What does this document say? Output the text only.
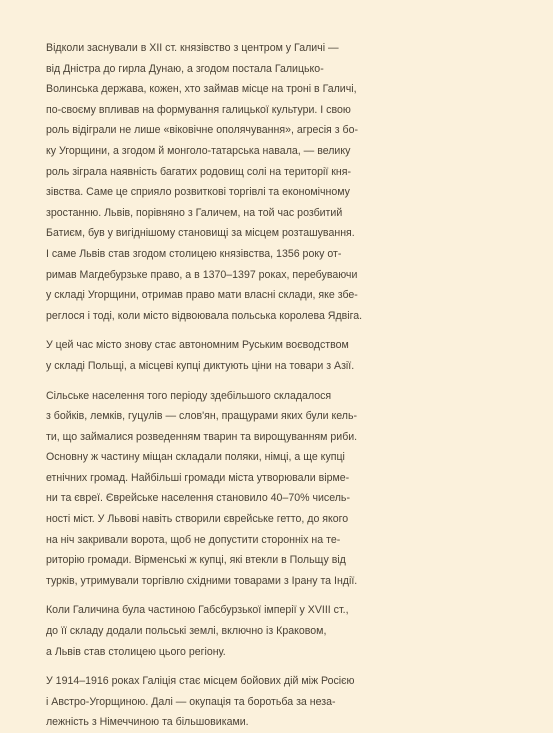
Відколи заснували в ХІІ ст. князівство з центром у Галичі —
від Дністра до гирла Дунаю, а згодом постала Галицько-
Волинська держава, кожен, хто займав місце на троні в Галичі,
по-своєму впливав на формування галицької культури. І свою
роль відіграли не лише «віковічне ополячування», агресія з бо-
ку Угорщини, а згодом й монголо-татарська навала, — велику
роль зіграла наявність багатих родовищ солі на території кня-
зівства. Саме це сприяло розвиткові торгівлі та економічному
зростанню. Львів, порівняно з Галичем, на той час розбитий
Батиєм, був у вигіднішому становищі за місцем розташування.
І саме Львів став згодом столицею князівства, 1356 року от-
римав Магдебурзьке право, а в 1370–1397 роках, перебуваючи
у складі Угорщини, отримав право мати власні склади, яке збе-
реглося і тоді, коли місто відвоювала польська королева Ядвіга.
У цей час місто знову стає автономним Руським воєводством
у складі Польщі, а місцеві купці диктують ціни на товари з Азії.
Сільське населення того періоду здебільшого складалося
з бойків, лемків, гуцулів — слов'ян, пращурами яких були кель-
ти, що займалися розведенням тварин та вирощуванням риби.
Основну ж частину міщан складали поляки, німці, а ще купці
етнічних громад. Найбільші громади міста утворювали вірме-
ни та євреї. Єврейське населення становило 40–70% чисель-
ності міст. У Львові навіть створили єврейське гетто, до якого
на ніч закривали ворота, щоб не допустити сторонніх на те-
риторію громади. Вірменські ж купці, які втекли в Польщу від
турків, утримували торгівлю східними товарами з Ірану та Індії.
Коли Галичина була частиною Габсбурзької імперії у XVIII ст.,
до її складу додали польські землі, включно із Краковом,
а Львів став столицею цього регіону.
У 1914–1916 роках Галіція стає місцем бойових дій між Росією
і Австро-Угорщиною. Далі — окупація та боротьба за неза-
лежність з Німеччиною та більшовиками.
